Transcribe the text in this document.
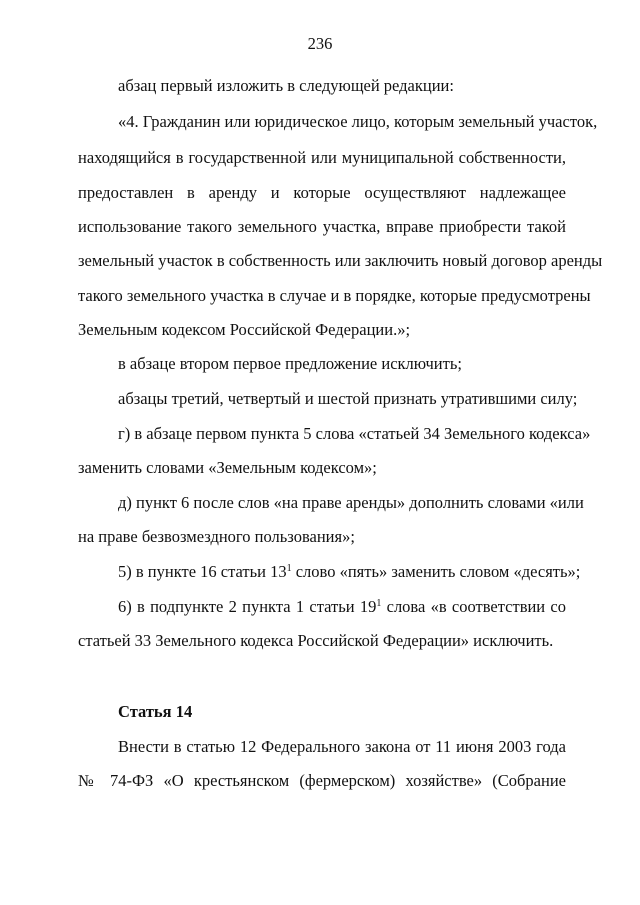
236
абзац первый изложить в следующей редакции:
«4. Гражданин или юридическое лицо, которым земельный участок,
находящийся в государственной или муниципальной собственности,
предоставлен в аренду и которые осуществляют надлежащее
использование такого земельного участка, вправе приобрести такой
земельный участок в собственность или заключить новый договор аренды
такого земельного участка в случае и в порядке, которые предусмотрены
Земельным кодексом Российской Федерации.»;
в абзаце втором первое предложение исключить;
абзацы третий, четвертый и шестой признать утратившими силу;
г) в абзаце первом пункта 5 слова «статьей 34 Земельного кодекса»
заменить словами «Земельным кодексом»;
д) пункт 6 после слов «на праве аренды» дополнить словами «или
на праве безвозмездного пользования»;
5) в пункте 16 статьи $13^1$ слово «пять» заменить словом «десять»;
6) в подпункте 2 пункта 1 статьи $19^1$ слова «в соответствии со
статьей 33 Земельного кодекса Российской Федерации» исключить.
Статья 14
Внести в статью 12 Федерального закона от 11 июня 2003 года
№ 74-ФЗ «О крестьянском (фермерском) хозяйстве» (Собрание
